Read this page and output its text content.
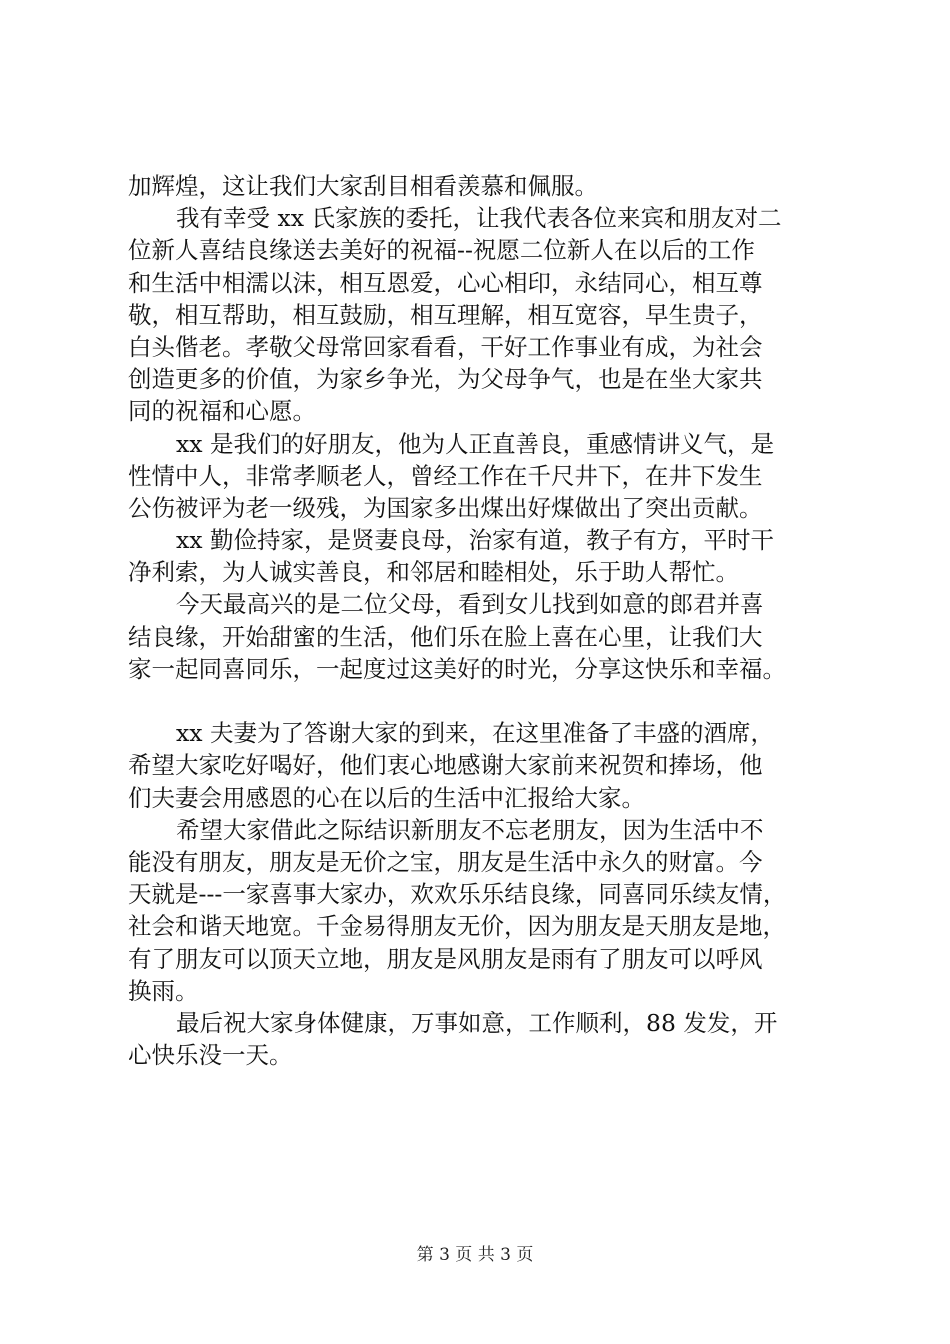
加辉煌，这让我们大家刮目相看羡慕和佩服。
我有幸受 xx 氏家族的委托，让我代表各位来宾和朋友对二
位新人喜结良缘送去美好的祝福--祝愿二位新人在以后的工作
和生活中相濡以沫，相互恩爱，心心相印，永结同心，相互尊
敬，相互帮助，相互鼓励，相互理解，相互宽容，早生贵子，
白头偕老。孝敬父母常回家看看，干好工作事业有成，为社会
创造更多的价值，为家乡争光，为父母争气，也是在坐大家共
同的祝福和心愿。
xx 是我们的好朋友，他为人正直善良，重感情讲义气，是
性情中人，非常孝顺老人，曾经工作在千尺井下，在井下发生
公伤被评为老一级残，为国家多出煤出好煤做出了突出贡献。
xx 勤俭持家，是贤妻良母，治家有道，教子有方，平时干
净利索，为人诚实善良，和邻居和睦相处，乐于助人帮忙。
今天最高兴的是二位父母，看到女儿找到如意的郎君并喜
结良缘，开始甜蜜的生活，他们乐在脸上喜在心里，让我们大
家一起同喜同乐，一起度过这美好的时光，分享这快乐和幸福。
xx 夫妻为了答谢大家的到来，在这里准备了丰盛的酒席，
希望大家吃好喝好，他们衷心地感谢大家前来祝贺和捧场，他
们夫妻会用感恩的心在以后的生活中汇报给大家。
希望大家借此之际结识新朋友不忘老朋友，因为生活中不
能没有朋友，朋友是无价之宝，朋友是生活中永久的财富。今
天就是---一家喜事大家办，欢欢乐乐结良缘，同喜同乐续友情，
社会和谐天地宽。千金易得朋友无价，因为朋友是天朋友是地，
有了朋友可以顶天立地，朋友是风朋友是雨有了朋友可以呼风
换雨。
最后祝大家身体健康，万事如意，工作顺利，88 发发，开
心快乐没一天。
第 3 页 共 3 页
